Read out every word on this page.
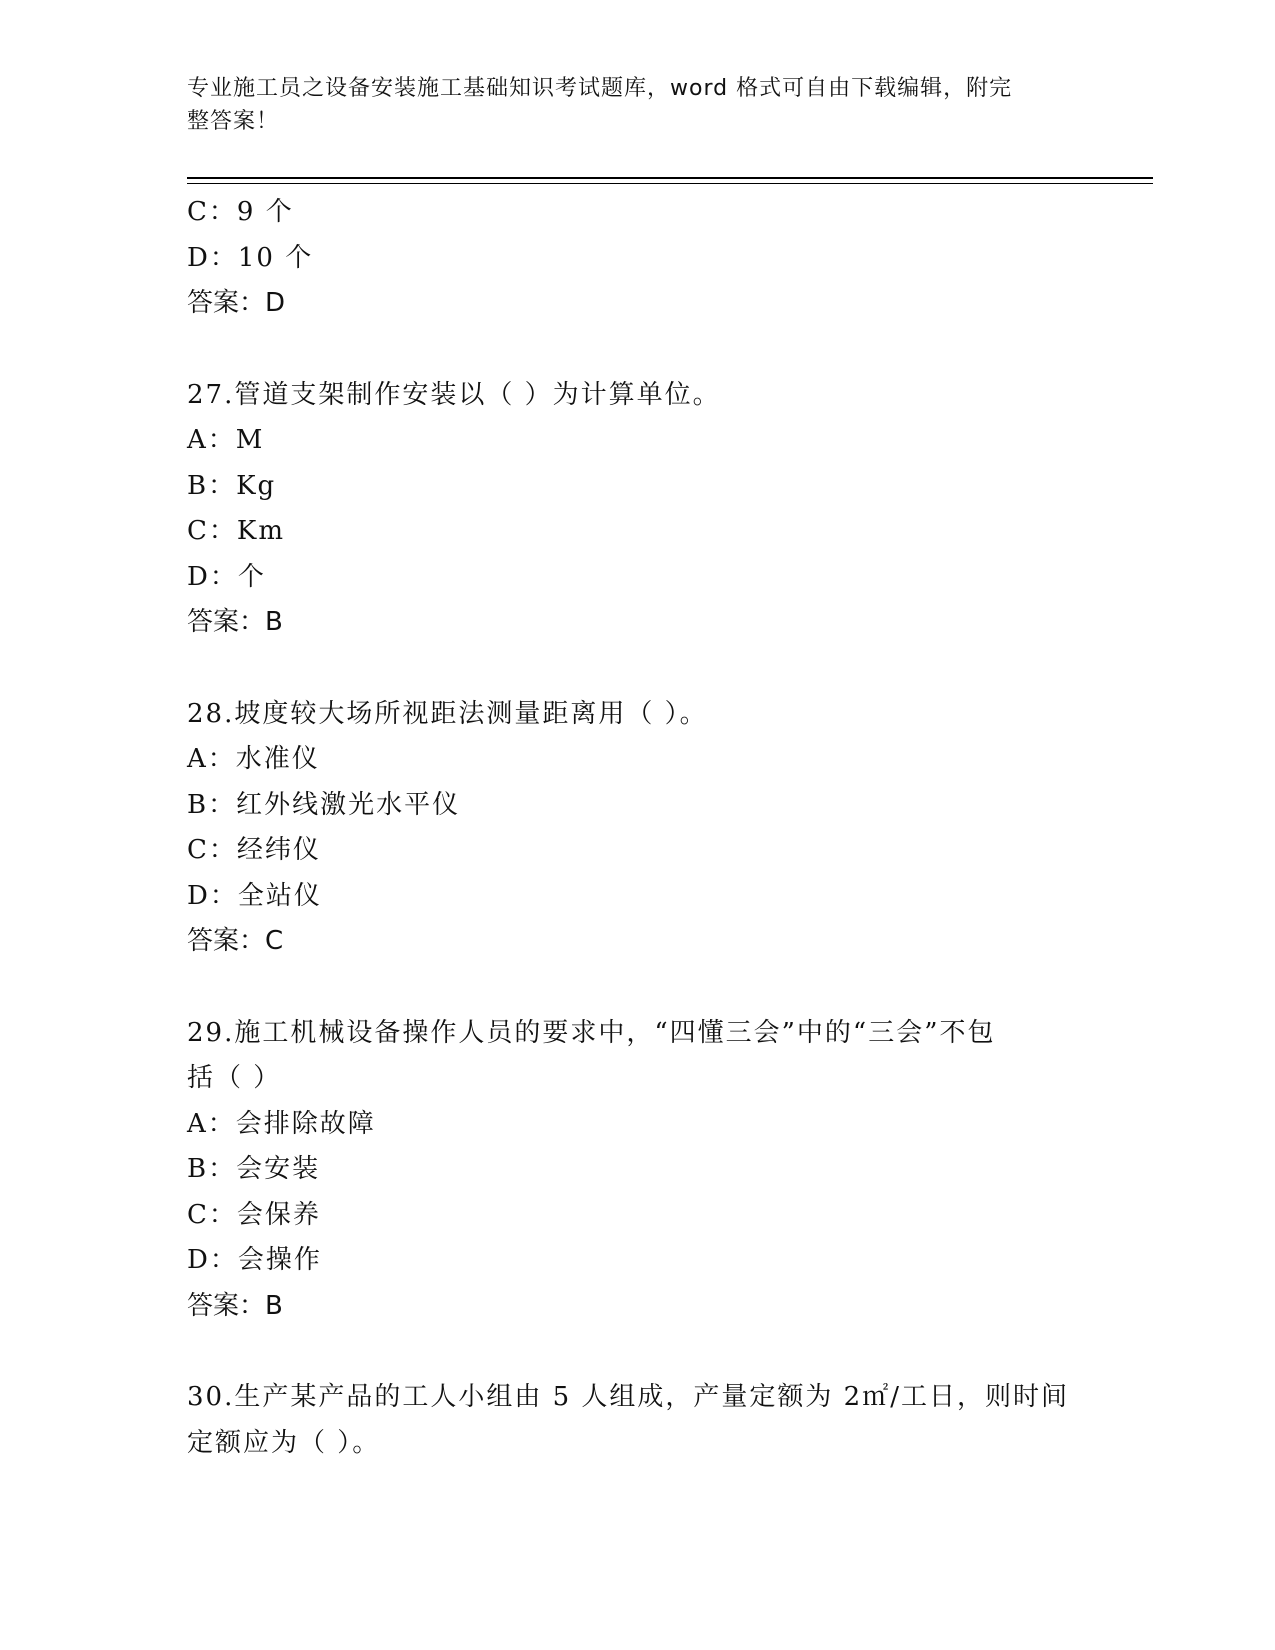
专业施工员之设备安装施工基础知识考试题库，word 格式可自由下载编辑，附完
整答案！
C：9 个
D：10 个
答案：D
27.管道支架制作安装以（ ）为计算单位。
A：M
B：Kg
C：Km
D：个
答案：B
28.坡度较大场所视距法测量距离用（ ）。
A：水准仪
B：红外线激光水平仪
C：经纬仪
D：全站仪
答案：C
29.施工机械设备操作人员的要求中，“四懂三会”中的“三会”不包
括（ ）
A：会排除故障
B：会安装
C：会保养
D：会操作
答案：B
30.生产某产品的工人小组由 5 人组成，产量定额为 2㎡/工日，则时间
定额应为（ ）。
